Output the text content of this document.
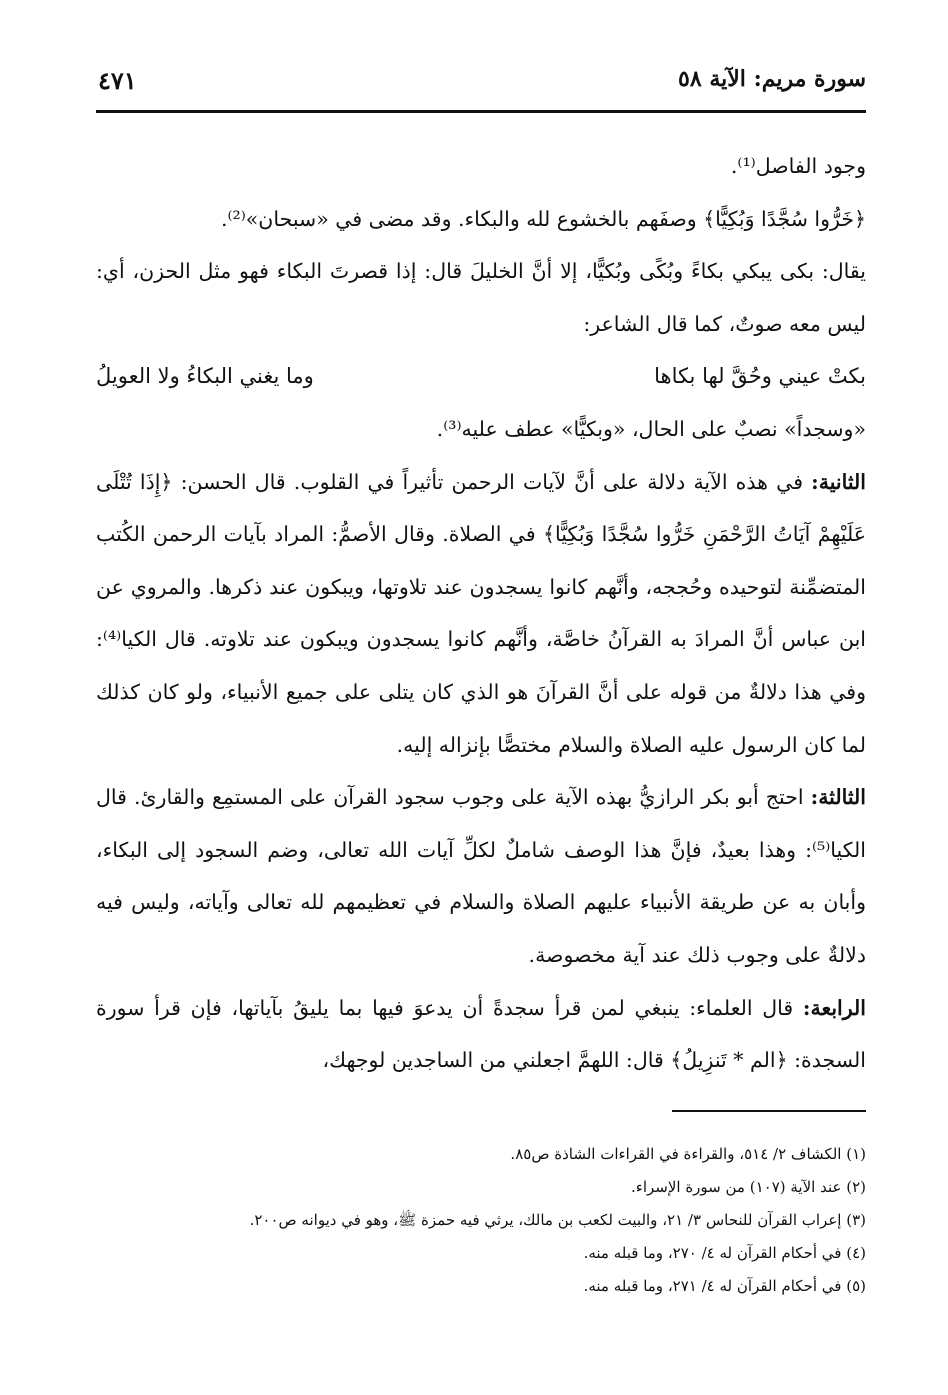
سورة مريم: الآية ٥٨
٤٧١

وجود الفاصل⁽¹⁾.

﴿خَرُّوا سُجَّدًا وَبُكِيًّا﴾ وصفَهم بالخشوع لله والبكاء. وقد مضى في «سبحان»⁽²⁾.

يقال: بكى يبكي بكاءً وبُكًى وبُكيًّا، إلا أنَّ الخليلَ قال: إذا قصرتَ البكاء فهو مثل الحزن، أي: ليس معه صوتٌ، كما قال الشاعر:

بكتْ عيني وحُقَّ لها بكاها
وما يغني البكاءُ ولا العويلُ

«وسجداً» نصبٌ على الحال، «وبكيًّا» عطف عليه⁽³⁾.

الثانية: في هذه الآية دلالة على أنَّ لآيات الرحمن تأثيراً في القلوب. قال الحسن: ﴿إِذَا تُتْلَى عَلَيْهِمْ آيَاتُ الرَّحْمَنِ خَرُّوا سُجَّدًا وَبُكِيًّا﴾ في الصلاة. وقال الأصمُّ: المراد بآيات الرحمن الكُتب المتضمِّنة لتوحيده وحُججه، وأنَّهم كانوا يسجدون عند تلاوتها، ويبكون عند ذكرها. والمروي عن ابن عباس أنَّ المرادَ به القرآنُ خاصَّة، وأنَّهم كانوا يسجدون ويبكون عند تلاوته. قال الكيا⁽⁴⁾: وفي هذا دلالةٌ من قوله على أنَّ القرآنَ هو الذي كان يتلى على جميع الأنبياء، ولو كان كذلك لما كان الرسول عليه الصلاة والسلام مختصًّا بإنزاله إليه.

الثالثة: احتج أبو بكر الرازيُّ بهذه الآية على وجوب سجود القرآن على المستمِع والقارئ. قال الكيا⁽⁵⁾: وهذا بعيدٌ، فإنَّ هذا الوصف شاملٌ لكلِّ آيات الله تعالى، وضم السجود إلى البكاء، وأبان به عن طريقة الأنبياء عليهم الصلاة والسلام في تعظيمهم لله تعالى وآياته، وليس فيه دلالةٌ على وجوب ذلك عند آية مخصوصة.

الرابعة: قال العلماء: ينبغي لمن قرأ سجدةً أن يدعوَ فيها بما يليقُ بآياتها، فإن قرأ سورة السجدة: ﴿الم * تَنزِيلُ﴾ قال: اللهمَّ اجعلني من الساجدين لوجهك،

(١) الكشاف ٢/ ٥١٤، والقراءة في القراءات الشاذة ص٨٥.

(٢) عند الآية (١٠٧) من سورة الإسراء.

(٣) إعراب القرآن للنحاس ٣/ ٢١، والبيت لكعب بن مالك، يرثي فيه حمزة ﷺ، وهو في ديوانه ص٢٠٠.

(٤) في أحكام القرآن له ٤/ ٢٧٠، وما قبله منه.

(٥) في أحكام القرآن له ٤/ ٢٧١، وما قبله منه.
